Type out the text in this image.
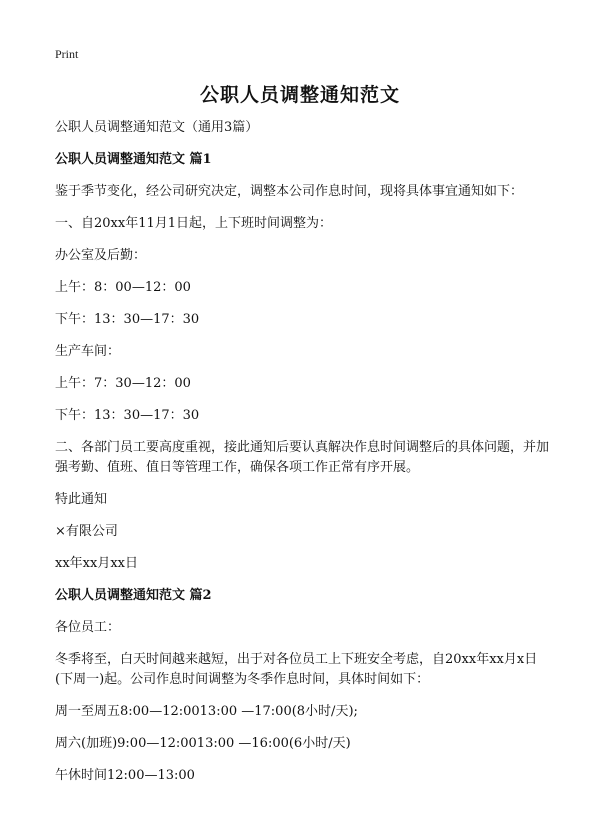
Print
公职人员调整通知范文

公职人员调整通知范文（通用3篇）

公职人员调整通知范文 篇1

鉴于季节变化，经公司研究决定，调整本公司作息时间，现将具体事宜通知如下：

一、自20xx年11月1日起，上下班时间调整为：

办公室及后勤：

上午：8：00—12：00

下午：13：30—17：30

生产车间：

上午：7：30—12：00

下午：13：30—17：30

二、各部门员工要高度重视，接此通知后要认真解决作息时间调整后的具体问题，并加强考勤、值班、值日等管理工作，确保各项工作正常有序开展。

特此通知

×有限公司

xx年xx月xx日

公职人员调整通知范文 篇2

各位员工：

冬季将至，白天时间越来越短，出于对各位员工上下班安全考虑，自20xx年xx月x日(下周一)起。公司作息时间调整为冬季作息时间，具体时间如下：

周一至周五8:00—12:0013:00 —17:00(8小时/天);

周六(加班)9:00—12:0013:00 —16:00(6小时/天)

午休时间12:00—13:00
